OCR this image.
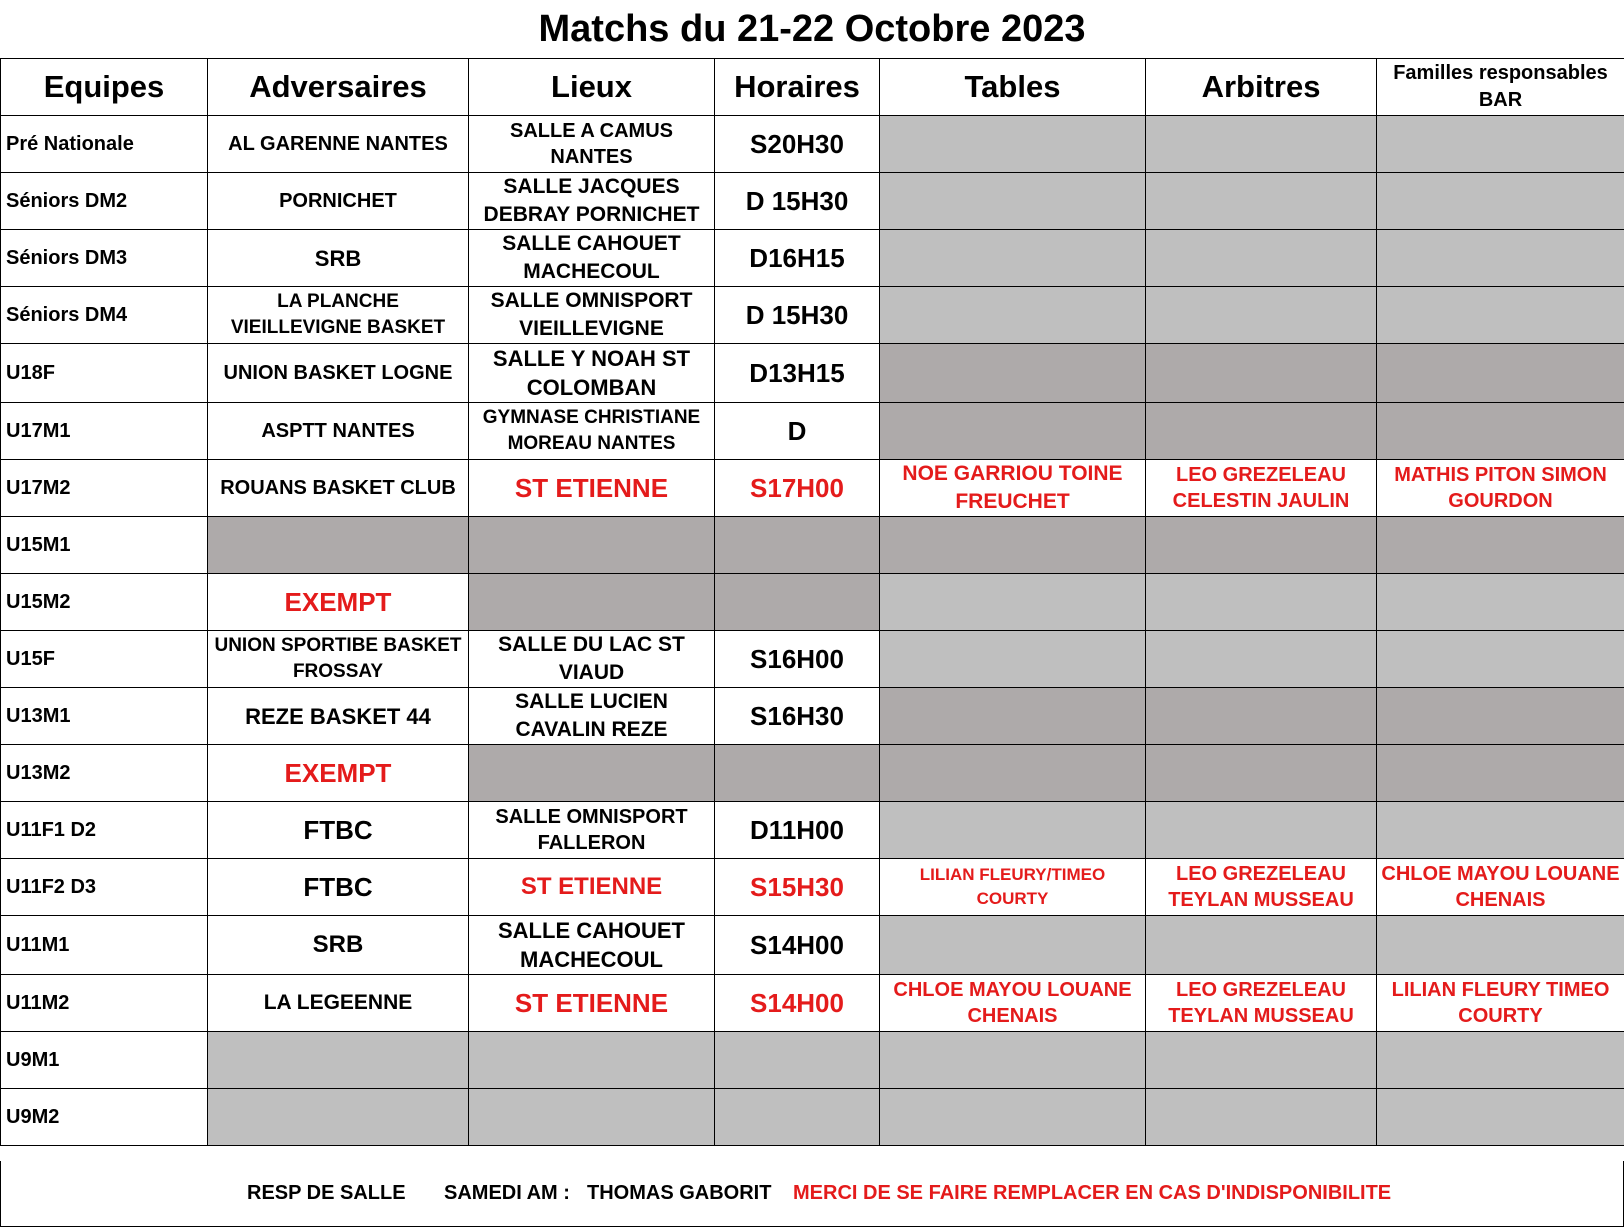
Matchs du 21-22 Octobre 2023
Equipes	Adversaires	Lieux	Horaires	Tables	Arbitres	Familles responsables BAR
Pré Nationale	AL GARENNE NANTES	SALLE A CAMUS NANTES	S20H30			
Séniors DM2	PORNICHET	SALLE JACQUES DEBRAY PORNICHET	D 15H30			
Séniors DM3	SRB	SALLE CAHOUET MACHECOUL	D16H15			
Séniors DM4	LA PLANCHE VIEILLEVIGNE BASKET	SALLE OMNISPORT VIEILLEVIGNE	D 15H30			
U18F	UNION BASKET LOGNE	SALLE Y NOAH ST COLOMBAN	D13H15			
U17M1	ASPTT NANTES	GYMNASE CHRISTIANE MOREAU NANTES	D			
U17M2	ROUANS BASKET CLUB	ST ETIENNE	S17H00	NOE GARRIOU TOINE FREUCHET	LEO GREZELEAU CELESTIN JAULIN	MATHIS PITON SIMON GOURDON
U15M1						
U15M2	EXEMPT					
U15F	UNION SPORTIBE BASKET FROSSAY	SALLE DU LAC ST VIAUD	S16H00			
U13M1	REZE BASKET 44	SALLE LUCIEN CAVALIN REZE	S16H30			
U13M2	EXEMPT					
U11F1 D2	FTBC	SALLE OMNISPORT FALLERON	D11H00			
U11F2 D3	FTBC	ST ETIENNE	S15H30	LILIAN FLEURY/TIMEO COURTY	LEO GREZELEAU TEYLAN MUSSEAU	CHLOE MAYOU LOUANE CHENAIS
U11M1	SRB	SALLE CAHOUET MACHECOUL	S14H00			
U11M2	LA LEGEENNE	ST ETIENNE	S14H00	CHLOE MAYOU LOUANE CHENAIS	LEO GREZELEAU TEYLAN MUSSEAU	LILIAN FLEURY TIMEO COURTY
U9M1						
U9M2						
RESP DE SALLE SAMEDI AM : THOMAS GABORIT MERCI DE SE FAIRE REMPLACER EN CAS D'INDISPONIBILITE
